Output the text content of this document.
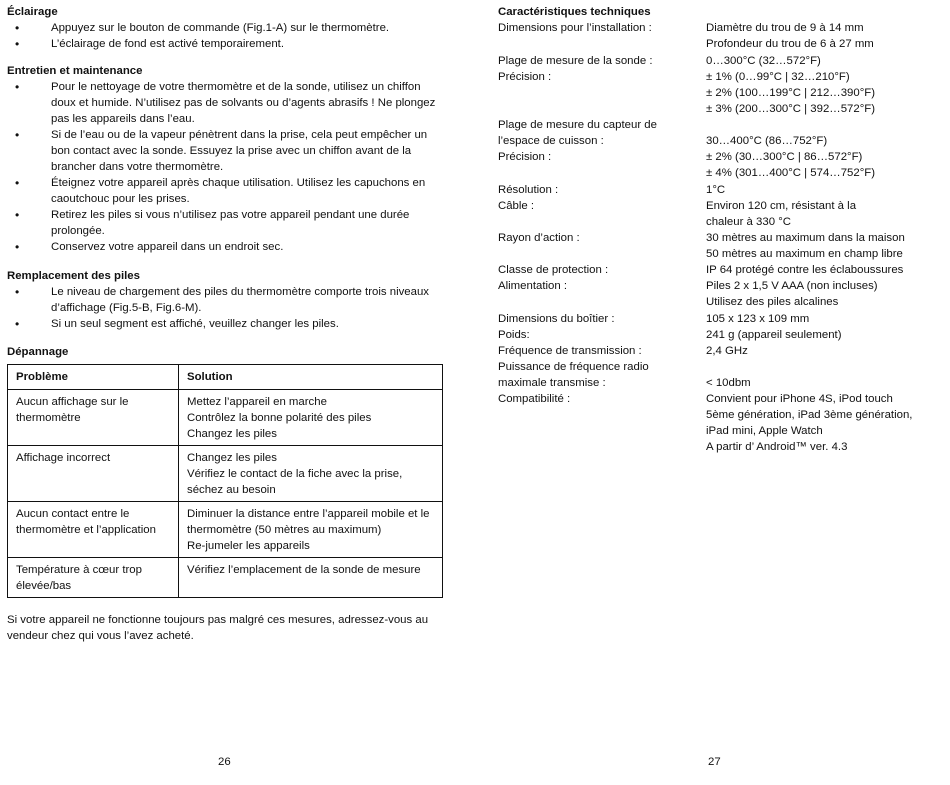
Éclairage
• Appuyez sur le bouton de commande (Fig.1-A) sur le thermomètre.
• L’éclairage de fond est activé temporairement.
Entretien et maintenance
• Pour le nettoyage de votre thermomètre et de la sonde, utilisez un chiffon doux et humide. N’utilisez pas de solvants ou d’agents abrasifs ! Ne plongez pas les appareils dans l’eau.
• Si de l’eau ou de la vapeur pénètrent dans la prise, cela peut empêcher un bon contact avec la sonde. Essuyez la prise avec un chiffon avant de la brancher dans votre thermomètre.
• Éteignez votre appareil après chaque utilisation. Utilisez les capuchons en caoutchouc pour les prises.
• Retirez les piles si vous n’utilisez pas votre appareil pendant une durée prolongée.
• Conservez votre appareil dans un endroit sec.
Remplacement des piles
• Le niveau de chargement des piles du thermomètre comporte trois niveaux d’affichage (Fig.5-B, Fig.6-M).
• Si un seul segment est affiché, veuillez changer les piles.
Dépannage
Problème	Solution
Aucun affichage sur le thermomètre	Mettez l’appareil en marche
Contrôlez la bonne polarité des piles
Changez les piles

Affichage incorrect	Changez les piles
Vérifiez le contact de la fiche avec la prise, séchez au besoin

Aucun contact entre le thermomètre et l’application	Diminuer la distance entre l’appareil mobile et le thermomètre (50 mètres au maximum)
Re-jumeler les appareils

Température à cœur trop élevée/bas	Vérifiez l’emplacement de la sonde de mesure
Si votre appareil ne fonctionne toujours pas malgré ces mesures, adressez-vous au vendeur chez qui vous l’avez acheté.
26
Caractéristiques techniques
Dimensions pour l’installation :	Diamètre du trou de 9 à 14 mm
Profondeur du trou de 6 à 27 mm
Plage de mesure de la sonde :	0…300°C (32…572°F)
Précision :	± 1% (0…99°C | 32…210°F)
± 2% (100…199°C | 212…390°F)
± 3% (200…300°C | 392…572°F)
Plage de mesure du capteur de
l’espace de cuisson :	30…400°C (86…752°F)
Précision :	± 2% (30…300°C | 86…572°F)
± 4% (301…400°C | 574…752°F)
Résolution :	1°C
Câble :	Environ 120 cm, résistant à la
chaleur à 330 °C
Rayon d’action :	30 mètres au maximum dans la maison
50 mètres au maximum en champ libre
Classe de protection :	IP 64 protégé contre les éclaboussures
Alimentation :	Piles 2 x 1,5 V AAA (non incluses)
Utilisez des piles alcalines
Dimensions du boîtier :	105 x 123 x 109 mm
Poids:	241 g (appareil seulement)
Fréquence de transmission :	2,4 GHz
Puissance de fréquence radio
maximale transmise :	< 10dbm
Compatibilité :	Convient pour iPhone 4S, iPod touch
5ème génération, iPad 3ème génération,
iPad mini, Apple Watch
A partir d’ Android™ ver. 4.3
27
